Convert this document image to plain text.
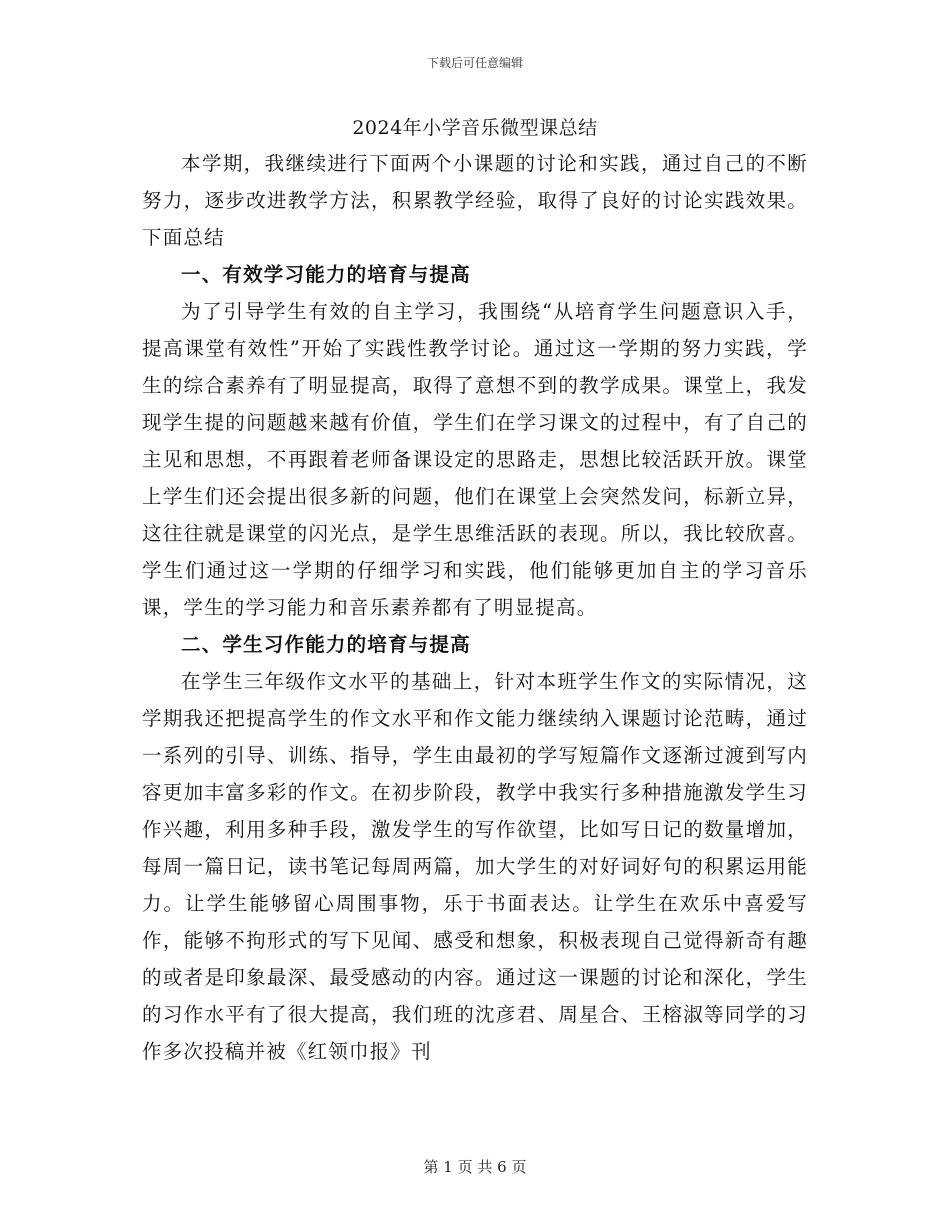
下载后可任意编辑
2024年小学音乐微型课总结

本学期，我继续进行下面两个小课题的讨论和实践，通过自己的不断努力，逐步改进教学方法，积累教学经验，取得了良好的讨论实践效果。下面总结

一、有效学习能力的培育与提高

为了引导学生有效的自主学习，我围绕“从培育学生问题意识入手，提高课堂有效性”开始了实践性教学讨论。通过这一学期的努力实践，学生的综合素养有了明显提高，取得了意想不到的教学成果。课堂上，我发现学生提的问题越来越有价值，学生们在学习课文的过程中，有了自己的主见和思想，不再跟着老师备课设定的思路走，思想比较活跃开放。课堂上学生们还会提出很多新的问题，他们在课堂上会突然发问，标新立异，这往往就是课堂的闪光点，是学生思维活跃的表现。所以，我比较欣喜。学生们通过这一学期的仔细学习和实践，他们能够更加自主的学习音乐课，学生的学习能力和音乐素养都有了明显提高。

二、学生习作能力的培育与提高

在学生三年级作文水平的基础上，针对本班学生作文的实际情况，这学期我还把提高学生的作文水平和作文能力继续纳入课题讨论范畴，通过一系列的引导、训练、指导，学生由最初的学写短篇作文逐渐过渡到写内容更加丰富多彩的作文。在初步阶段，教学中我实行多种措施激发学生习作兴趣，利用多种手段，激发学生的写作欲望，比如写日记的数量增加，每周一篇日记，读书笔记每周两篇，加大学生的对好词好句的积累运用能力。让学生能够留心周围事物，乐于书面表达。让学生在欢乐中喜爱写作，能够不拘形式的写下见闻、感受和想象，积极表现自己觉得新奇有趣的或者是印象最深、最受感动的内容。通过这一课题的讨论和深化，学生的习作水平有了很大提高，我们班的沈彦君、周星合、王榕淑等同学的习作多次投稿并被《红领巾报》刊

第 1 页 共 6 页
